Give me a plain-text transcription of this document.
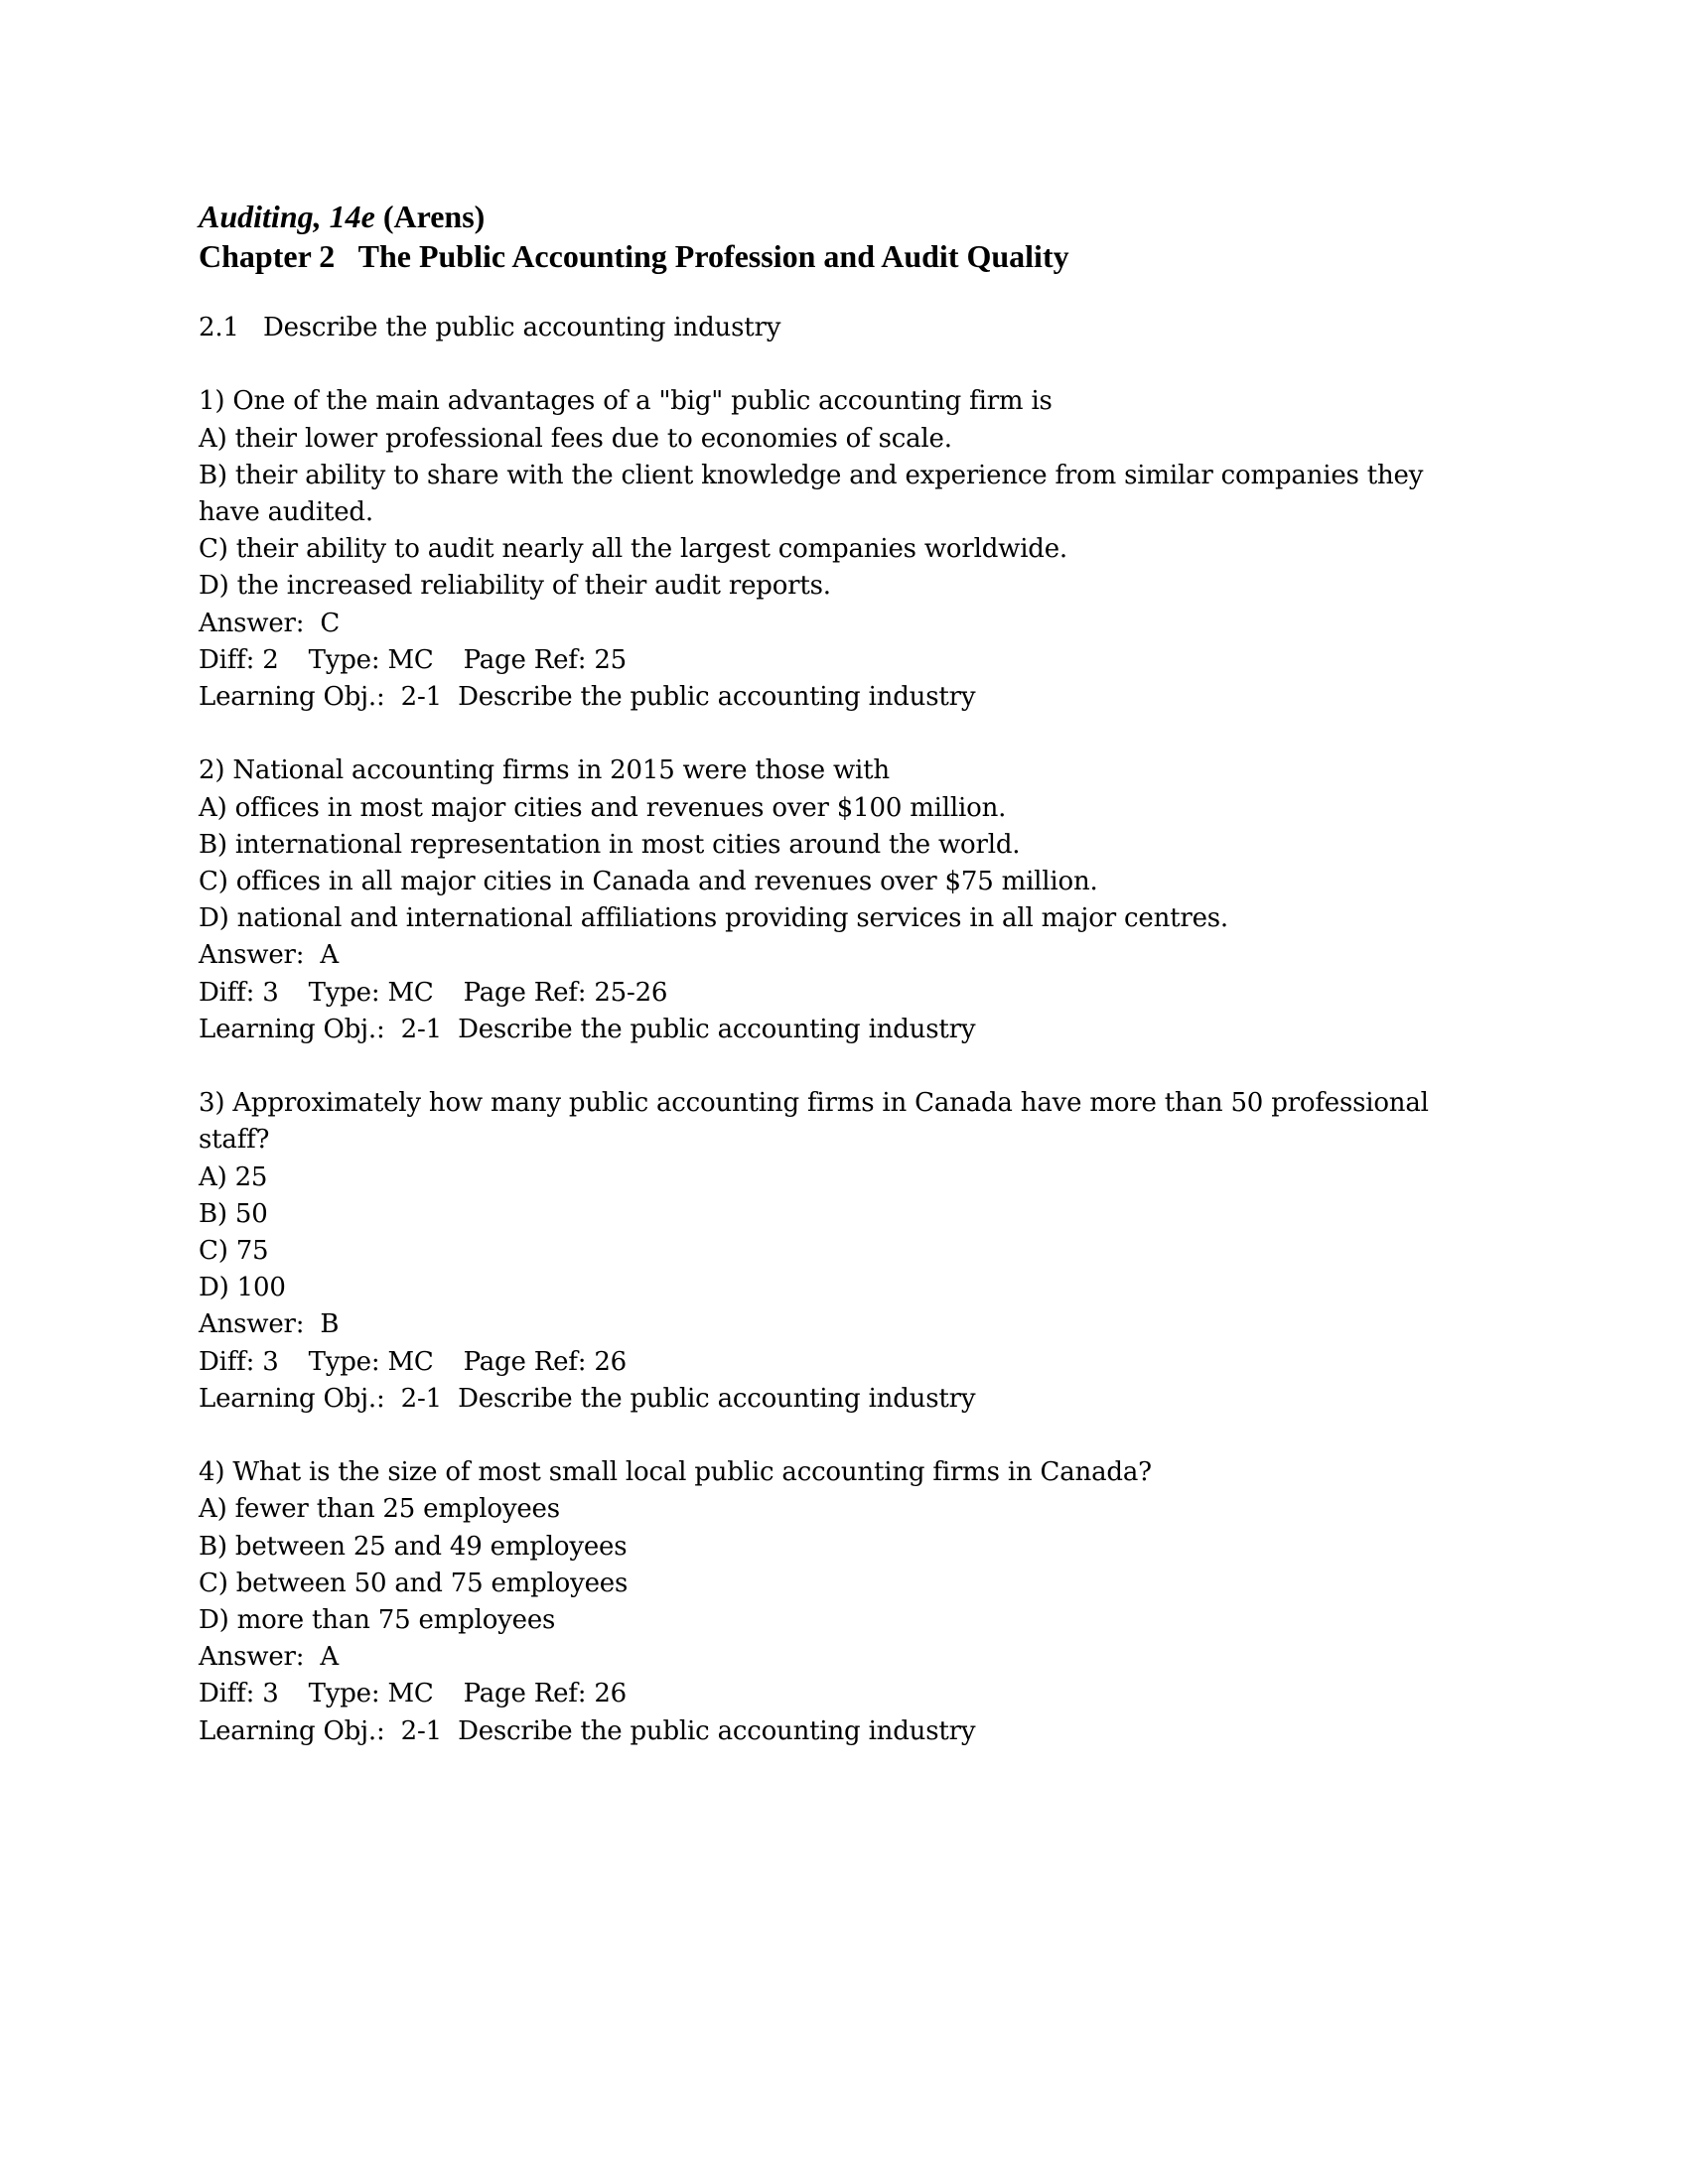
Auditing, 14e (Arens)
Chapter 2   The Public Accounting Profession and Audit Quality
2.1   Describe the public accounting industry
1) One of the main advantages of a "big" public accounting firm is
A) their lower professional fees due to economies of scale.
B) their ability to share with the client knowledge and experience from similar companies they have audited.
C) their ability to audit nearly all the largest companies worldwide.
D) the increased reliability of their audit reports.
Answer:  C
Diff: 2 Type: MC Page Ref: 25
Learning Obj.:  2-1  Describe the public accounting industry
2) National accounting firms in 2015 were those with
A) offices in most major cities and revenues over $100 million.
B) international representation in most cities around the world.
C) offices in all major cities in Canada and revenues over $75 million.
D) national and international affiliations providing services in all major centres.
Answer:  A
Diff: 3 Type: MC Page Ref: 25-26
Learning Obj.:  2-1  Describe the public accounting industry
3) Approximately how many public accounting firms in Canada have more than 50 professional staff?
A) 25
B) 50
C) 75
D) 100
Answer:  B
Diff: 3 Type: MC Page Ref: 26
Learning Obj.:  2-1  Describe the public accounting industry
4) What is the size of most small local public accounting firms in Canada?
A) fewer than 25 employees
B) between 25 and 49 employees
C) between 50 and 75 employees
D) more than 75 employees
Answer:  A
Diff: 3 Type: MC Page Ref: 26
Learning Obj.:  2-1  Describe the public accounting industry
